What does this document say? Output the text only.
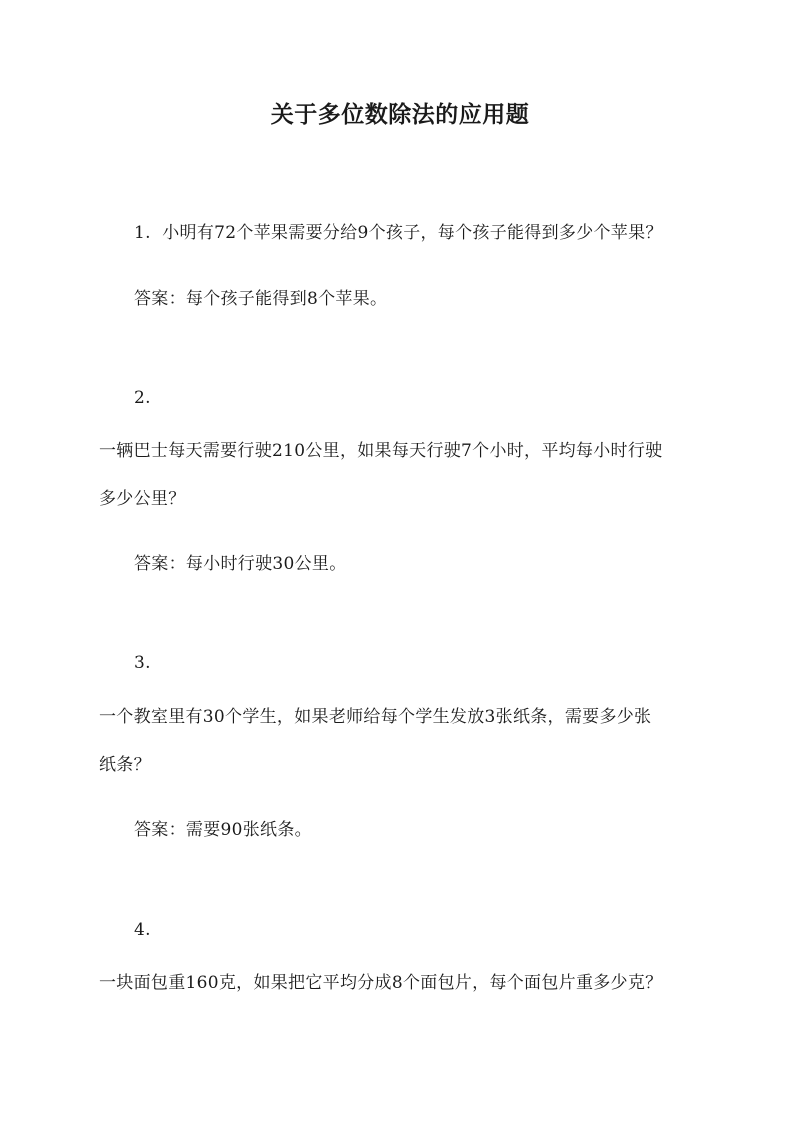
关于多位数除法的应用题
1. 小明有72个苹果需要分给9个孩子，每个孩子能得到多少个苹果？
答案：每个孩子能得到8个苹果。
2.
一辆巴士每天需要行驶210公里，如果每天行驶7个小时，平均每小时行驶
多少公里？
答案：每小时行驶30公里。
3.
一个教室里有30个学生，如果老师给每个学生发放3张纸条，需要多少张
纸条？
答案：需要90张纸条。
4.
一块面包重160克，如果把它平均分成8个面包片，每个面包片重多少克？
